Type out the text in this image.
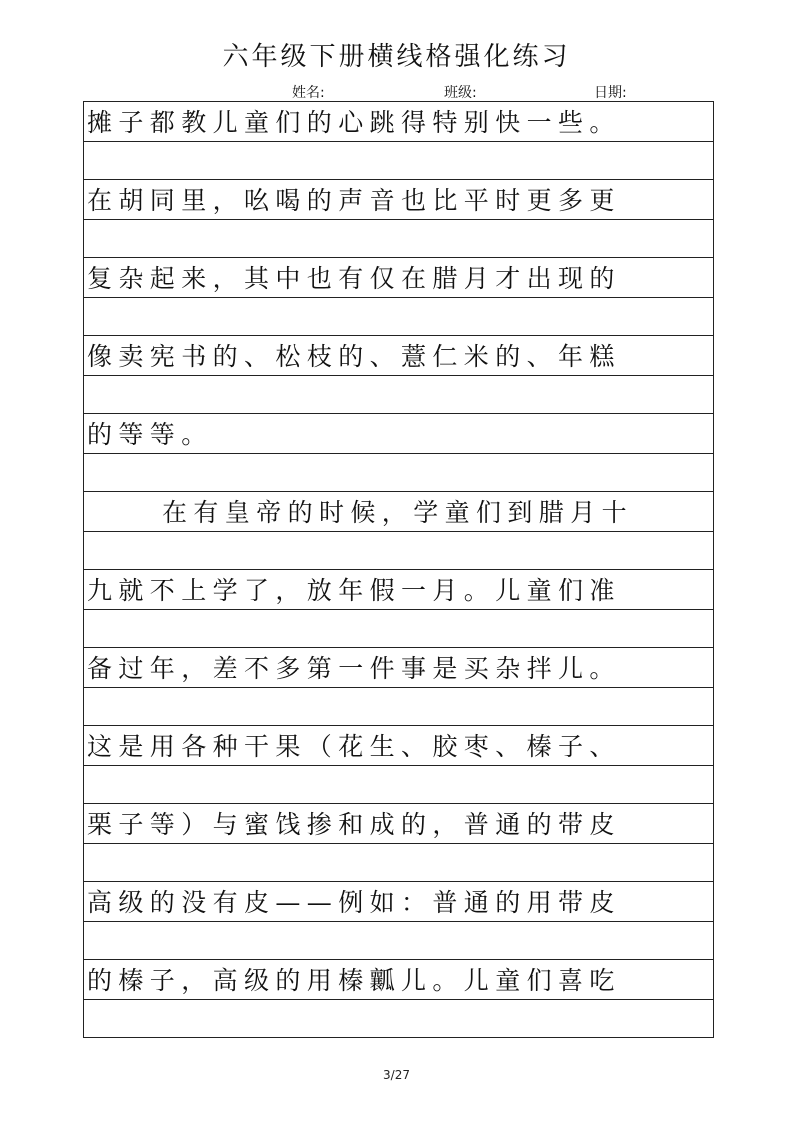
六年级下册横线格强化练习
姓名:	班级:	日期:
摊子都教儿童们的心跳得特别快一些。
在胡同里，吆喝的声音也比平时更多更
复杂起来，其中也有仅在腊月才出现的
像卖宪书的、松枝的、薏仁米的、年糕
的等等。
在有皇帝的时候，学童们到腊月十
九就不上学了，放年假一月。儿童们准
备过年，差不多第一件事是买杂拌儿。
这是用各种干果（花生、胶枣、榛子、
栗子等）与蜜饯掺和成的，普通的带皮
高级的没有皮——例如：普通的用带皮
的榛子，高级的用榛瓤儿。儿童们喜吃
3/27
